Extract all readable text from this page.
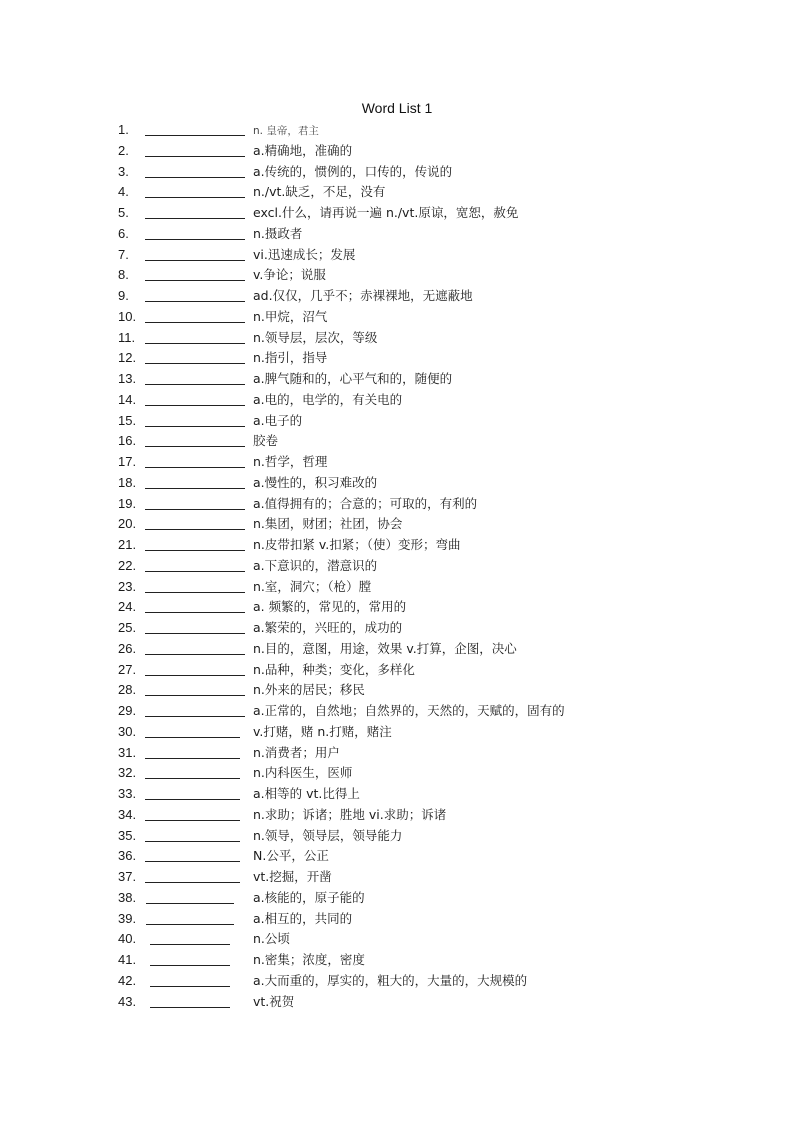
Word List 1
1.	n. 皇帝，君主
2.	a.精确地，准确的
3.	a.传统的，惯例的，口传的，传说的
4.	n./vt.缺乏，不足，没有
5.	excl.什么，请再说一遍 n./vt.原谅，宽恕，赦免
6.	n.摄政者
7.	vi.迅速成长；发展
8.	v.争论；说服
9.	ad.仅仅，几乎不；赤裸裸地，无遮蔽地
10.	n.甲烷，沼气
11.	n.领导层，层次，等级
12.	n.指引，指导
13.	a.脾气随和的，心平气和的，随便的
14.	a.电的，电学的，有关电的
15.	a.电子的
16.	胶卷
17.	n.哲学，哲理
18.	a.慢性的，积习难改的
19.	a.值得拥有的；合意的；可取的，有利的
20.	n.集团，财团；社团，协会
21.	n.皮带扣紧 v.扣紧；（使）变形；弯曲
22.	a.下意识的，潜意识的
23.	n.室，洞穴；（枪）膛
24.	a. 频繁的，常见的，常用的
25.	a.繁荣的，兴旺的，成功的
26.	n.目的，意图，用途，效果 v.打算，企图，决心
27.	n.品种，种类；变化，多样化
28.	n.外来的居民；移民
29.	a.正常的，自然地；自然界的，天然的，天赋的，固有的
30.	v.打赌，赌 n.打赌，赌注
31.	n.消费者；用户
32.	n.内科医生，医师
33.	a.相等的 vt.比得上
34.	n.求助；诉诸；胜地 vi.求助；诉诸
35.	n.领导，领导层，领导能力
36.	N.公平，公正
37.	vt.挖掘，开凿
38.	a.核能的，原子能的
39.	a.相互的，共同的
40.	n.公顷
41.	n.密集；浓度，密度
42.	a.大而重的，厚实的，粗大的，大量的，大规模的
43.	vt.祝贺
